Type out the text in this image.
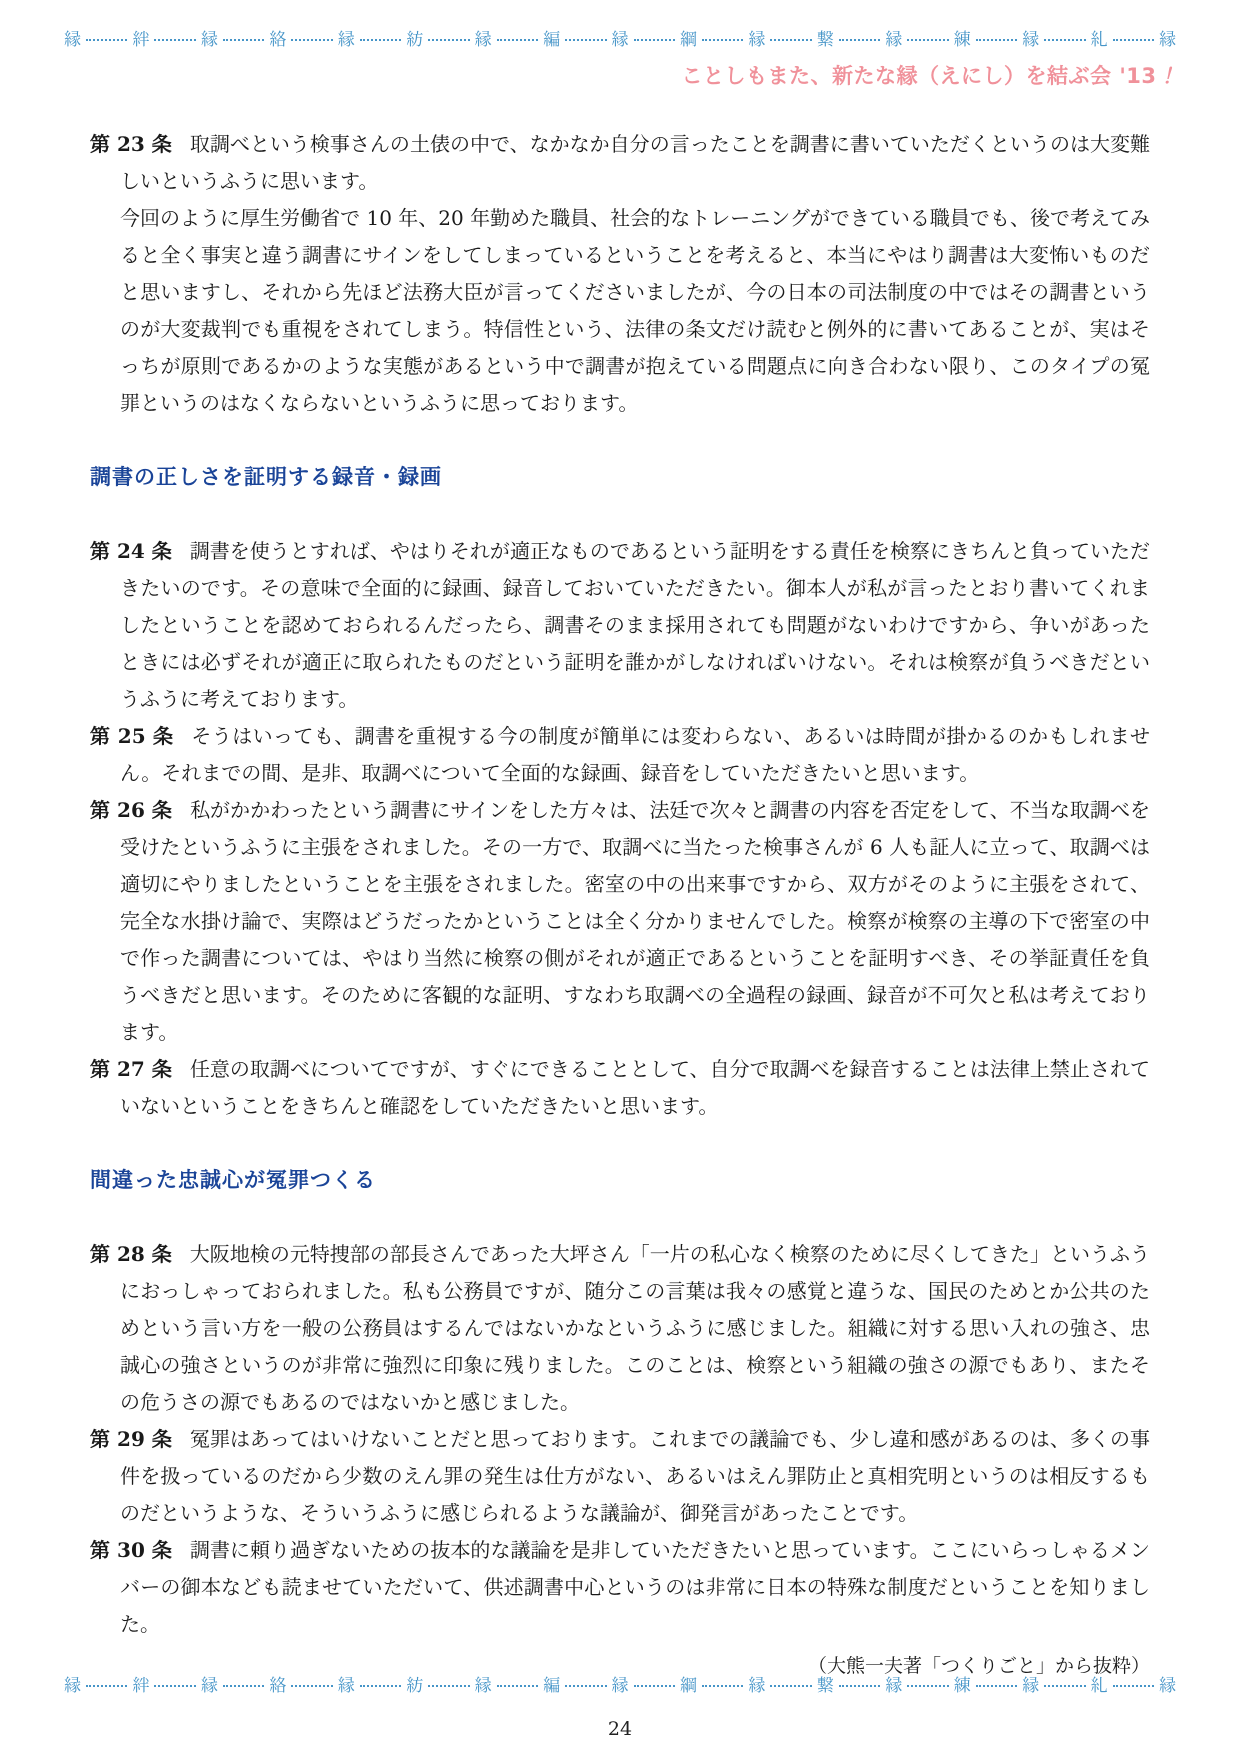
縁	絆	縁	絡	縁	紡	縁	編	縁	綱	縁	繋	縁	練	縁	糺	縁
ことしもまた、新たな縁（えにし）を結ぶ会 '13！

第 23 条 取調べという検事さんの土俵の中で、なかなか自分の言ったことを調書に書いていただくというのは大変難しいというふうに思います。

今回のように厚生労働省で 10 年、20 年勤めた職員、社会的なトレーニングができている職員でも、後で考えてみると全く事実と違う調書にサインをしてしまっているということを考えると、本当にやはり調書は大変怖いものだと思いますし、それから先ほど法務大臣が言ってくださいましたが、今の日本の司法制度の中ではその調書というのが大変裁判でも重視をされてしまう。特信性という、法律の条文だけ読むと例外的に書いてあることが、実はそっちが原則であるかのような実態があるという中で調書が抱えている問題点に向き合わない限り、このタイプの冤罪というのはなくならないというふうに思っております。

調書の正しさを証明する録音・録画

第 24 条 調書を使うとすれば、やはりそれが適正なものであるという証明をする責任を検察にきちんと負っていただきたいのです。その意味で全面的に録画、録音しておいていただきたい。御本人が私が言ったとおり書いてくれましたということを認めておられるんだったら、調書そのまま採用されても問題がないわけですから、争いがあったときには必ずそれが適正に取られたものだという証明を誰かがしなければいけない。それは検察が負うべきだというふうに考えております。

第 25 条 そうはいっても、調書を重視する今の制度が簡単には変わらない、あるいは時間が掛かるのかもしれません。それまでの間、是非、取調べについて全面的な録画、録音をしていただきたいと思います。

第 26 条 私がかかわったという調書にサインをした方々は、法廷で次々と調書の内容を否定をして、不当な取調べを受けたというふうに主張をされました。その一方で、取調べに当たった検事さんが 6 人も証人に立って、取調べは適切にやりましたということを主張をされました。密室の中の出来事ですから、双方がそのように主張をされて、完全な水掛け論で、実際はどうだったかということは全く分かりませんでした。検察が検察の主導の下で密室の中で作った調書については、やはり当然に検察の側がそれが適正であるということを証明すべき、その挙証責任を負うべきだと思います。そのために客観的な証明、すなわち取調べの全過程の録画、録音が不可欠と私は考えております。

第 27 条 任意の取調べについてですが、すぐにできることとして、自分で取調べを録音することは法律上禁止されていないということをきちんと確認をしていただきたいと思います。

間違った忠誠心が冤罪つくる

第 28 条 大阪地検の元特捜部の部長さんであった大坪さん「一片の私心なく検察のために尽くしてきた」というふうにおっしゃっておられました。私も公務員ですが、随分この言葉は我々の感覚と違うな、国民のためとか公共のためという言い方を一般の公務員はするんではないかなというふうに感じました。組織に対する思い入れの強さ、忠誠心の強さというのが非常に強烈に印象に残りました。このことは、検察という組織の強さの源でもあり、またその危うさの源でもあるのではないかと感じました。

第 29 条 冤罪はあってはいけないことだと思っております。これまでの議論でも、少し違和感があるのは、多くの事件を扱っているのだから少数のえん罪の発生は仕方がない、あるいはえん罪防止と真相究明というのは相反するものだというような、そういうふうに感じられるような議論が、御発言があったことです。

第 30 条 調書に頼り過ぎないための抜本的な議論を是非していただきたいと思っています。ここにいらっしゃるメンバーの御本なども読ませていただいて、供述調書中心というのは非常に日本の特殊な制度だということを知りました。

（大熊一夫著「つくりごと」から抜粋）

縁	絆	縁	絡	縁	紡	縁	編	縁	綱	縁	繋	縁	練	縁	糺	縁
24
